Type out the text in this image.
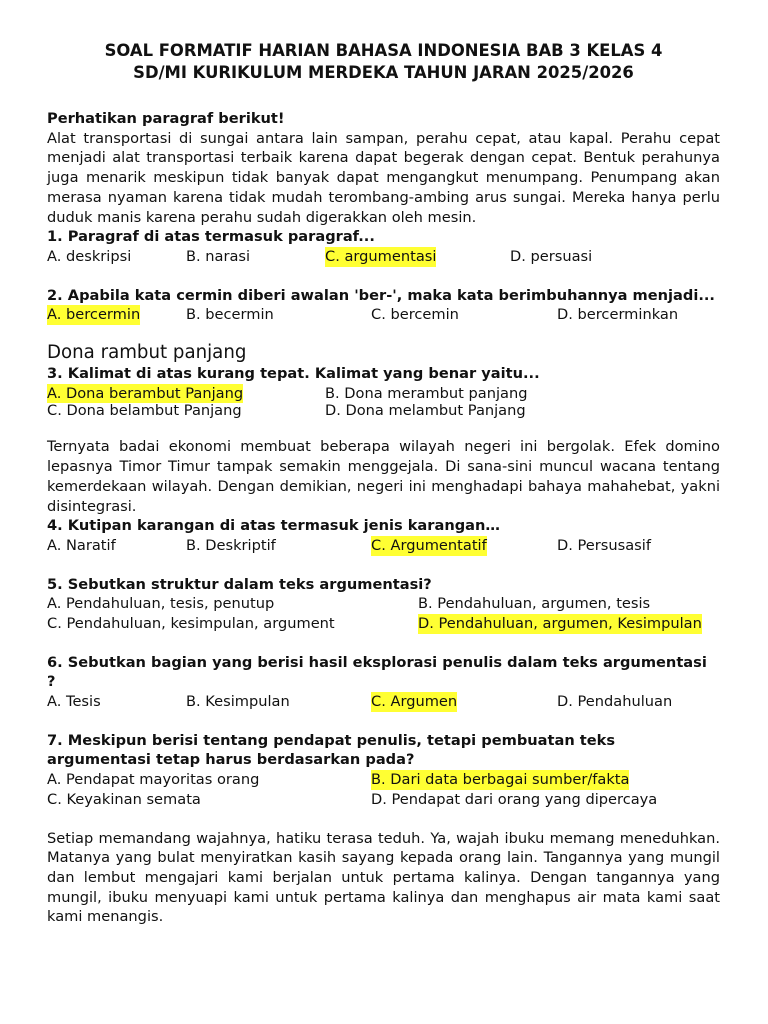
SOAL FORMATIF HARIAN BAHASA INDONESIA BAB 3 KELAS 4

SD/MI KURIKULUM MERDEKA TAHUN JARAN 2025/2026

Perhatikan paragraf berikut!

Alat transportasi di sungai antara lain sampan, perahu cepat, atau kapal. Perahu cepat menjadi alat transportasi terbaik karena dapat begerak dengan cepat. Bentuk perahunya juga menarik meskipun tidak banyak dapat mengangkut menumpang. Penumpang akan merasa nyaman karena tidak mudah terombang-ambing arus sungai. Mereka hanya perlu duduk manis karena perahu sudah digerakkan oleh mesin.

1. Paragraf di atas termasuk paragraf...

A. deskripsi	B. narasi	C. argumentasi	D. persuasi

2. Apabila kata cermin diberi awalan 'ber-', maka kata berimbuhannya menjadi...

A. bercermin	B. becermin	C. bercemin	D. bercerminkan

Dona rambut panjang

3. Kalimat di atas kurang tepat. Kalimat yang benar yaitu...

A. Dona berambut Panjang	B. Dona merambut panjang
C. Dona belambut Panjang	D. Dona melambut Panjang

Ternyata badai ekonomi membuat beberapa wilayah negeri ini bergolak. Efek domino lepasnya Timor Timur tampak semakin menggejala. Di sana-sini muncul wacana tentang kemerdekaan wilayah. Dengan demikian, negeri ini menghadapi bahaya mahahebat, yakni disintegrasi.

4. Kutipan karangan di atas termasuk jenis karangan…

A. Naratif	B. Deskriptif	C. Argumentatif	D. Persusasif

5. Sebutkan struktur dalam teks argumentasi?

A. Pendahuluan, tesis, penutup	B. Pendahuluan, argumen, tesis
C. Pendahuluan, kesimpulan, argument	D. Pendahuluan, argumen, Kesimpulan

6. Sebutkan bagian yang berisi hasil eksplorasi penulis dalam teks argumentasi ?

A. Tesis	B. Kesimpulan	C. Argumen	D. Pendahuluan

7. Meskipun berisi tentang pendapat penulis, tetapi pembuatan teks argumentasi tetap harus berdasarkan pada?

A. Pendapat mayoritas orang	B. Dari data berbagai sumber/fakta
C. Keyakinan semata	D. Pendapat dari orang yang dipercaya

Setiap memandang wajahnya, hatiku terasa teduh. Ya, wajah ibuku memang meneduhkan. Matanya yang bulat menyiratkan kasih sayang kepada orang lain. Tangannya yang mungil dan lembut mengajari kami berjalan untuk pertama kalinya. Dengan tangannya yang mungil, ibuku menyuapi kami untuk pertama kalinya dan menghapus air mata kami saat kami menangis.
